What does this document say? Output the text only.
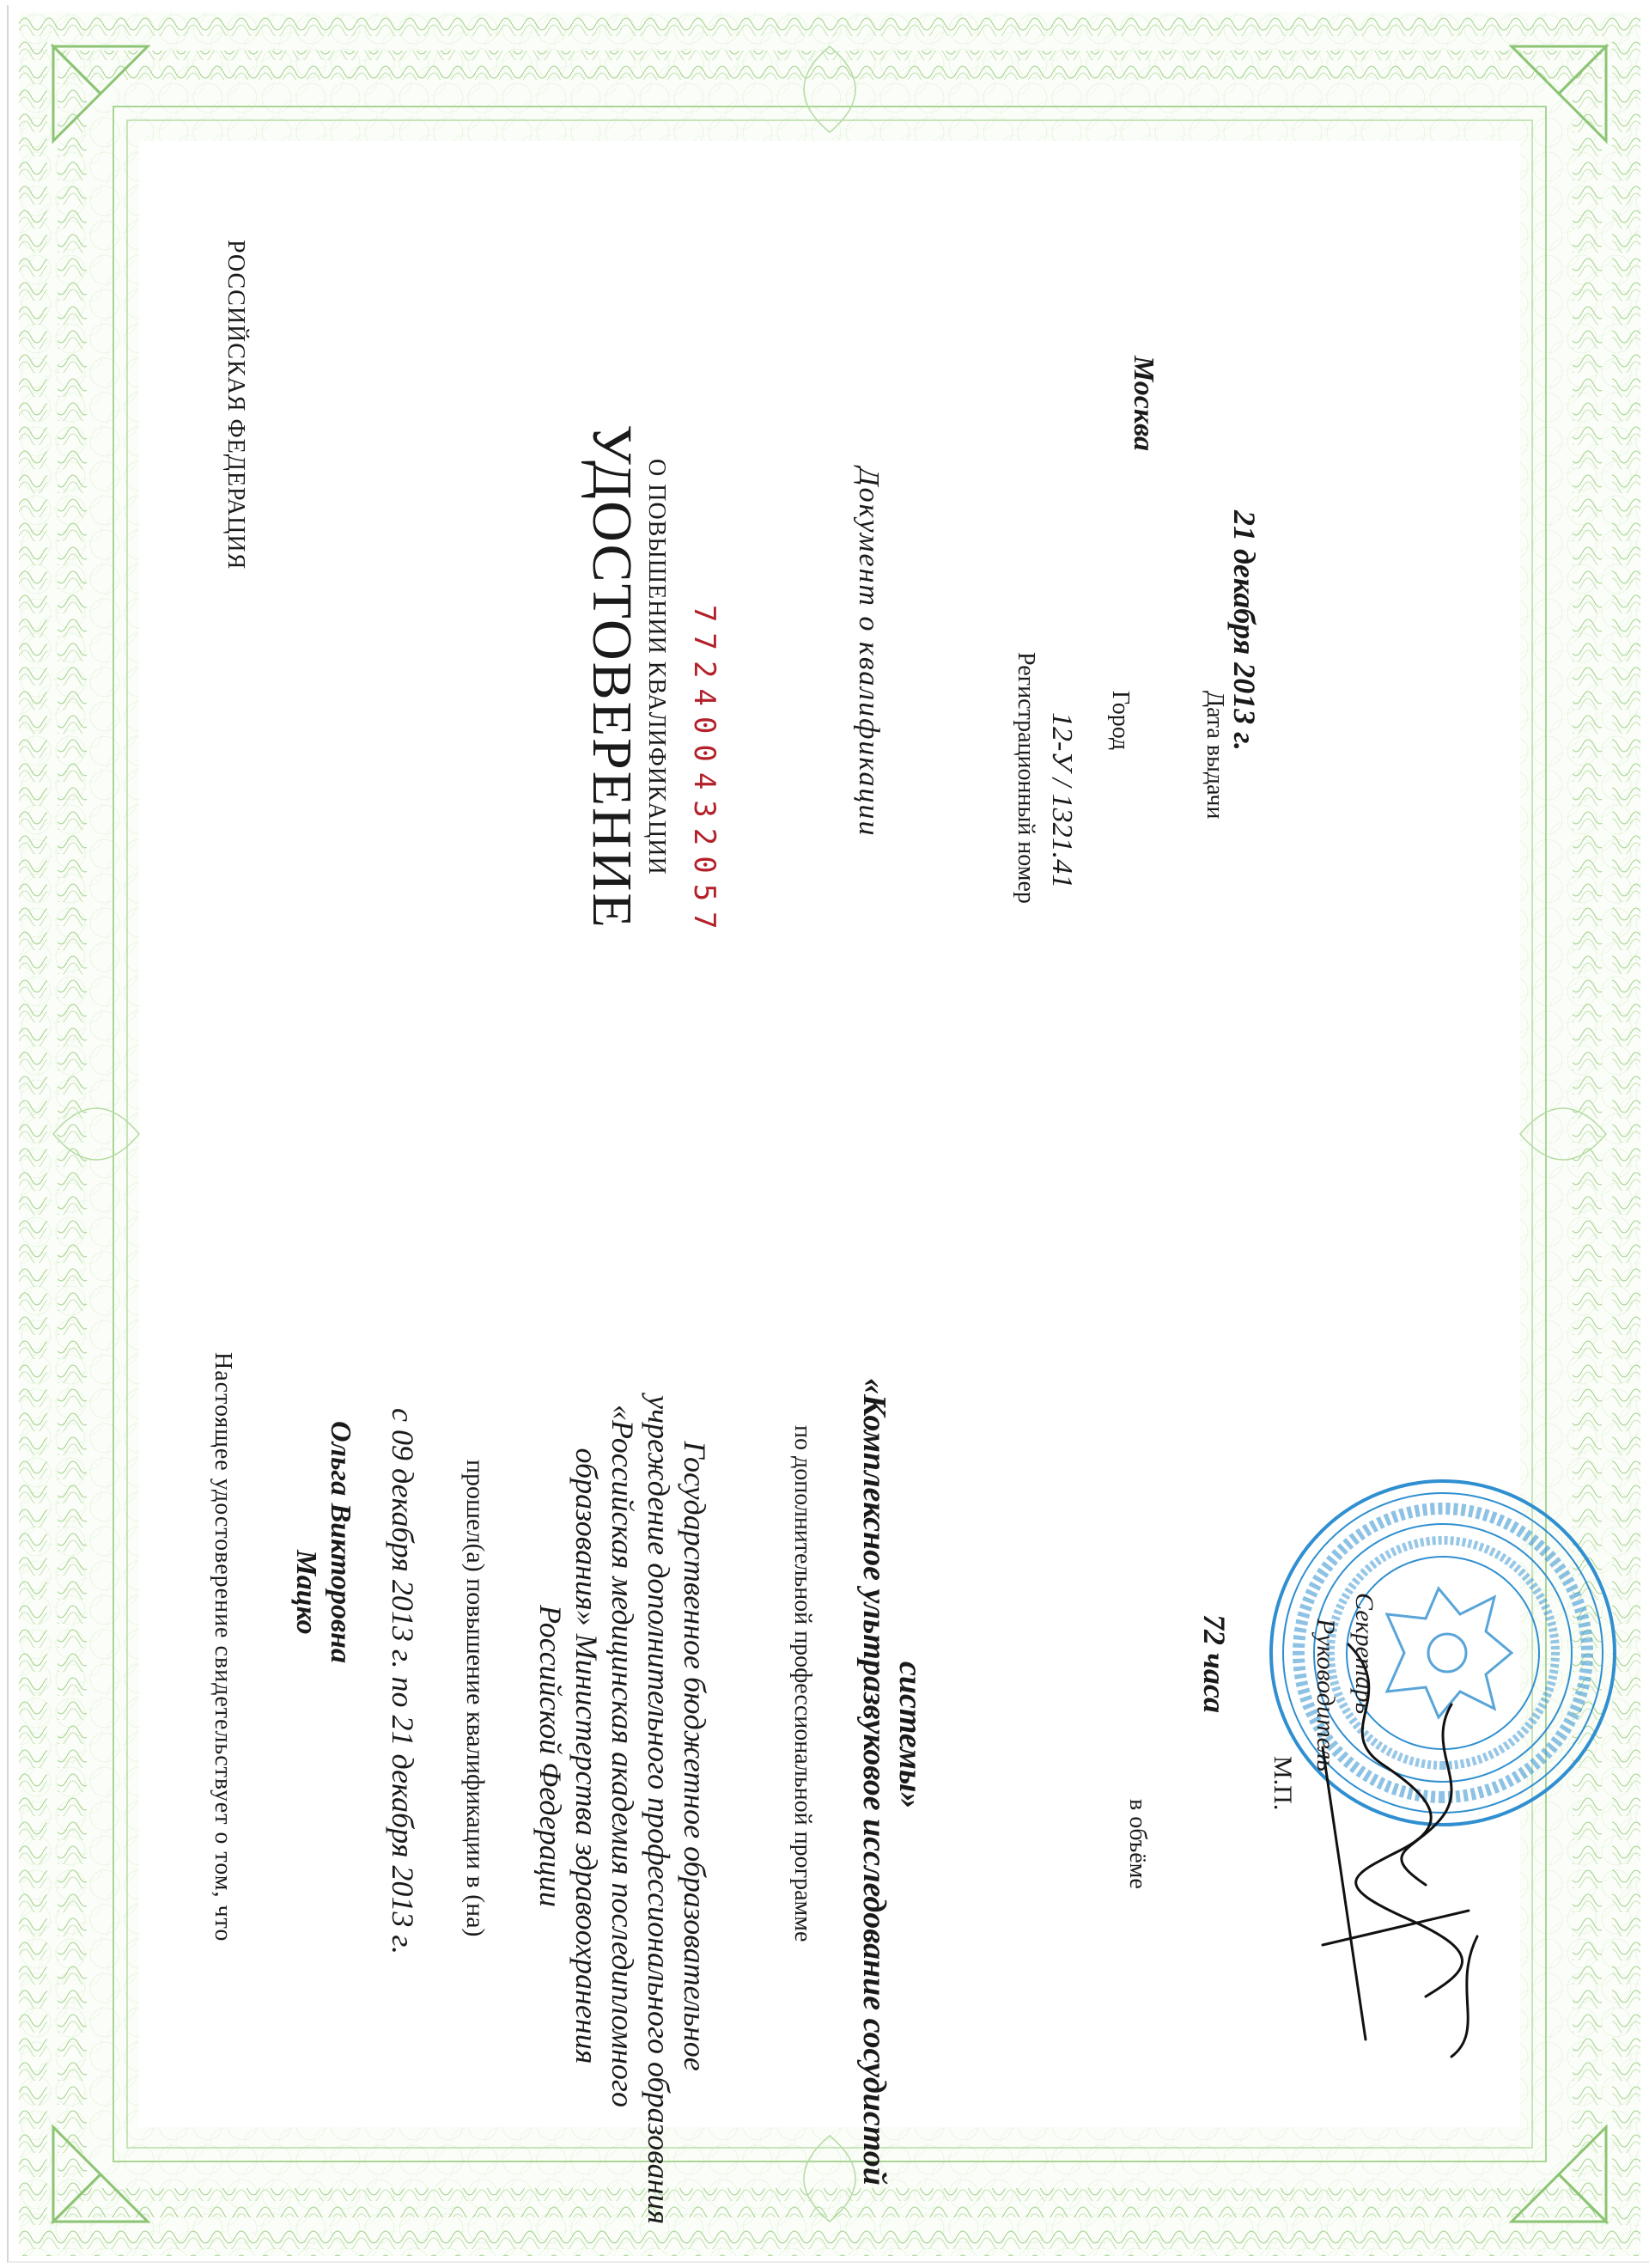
РОССИЙСКАЯ ФЕДЕРАЦИЯ
УДОСТОВЕРЕНИЕ О ПОВЫШЕНИИ КВАЛИФИКАЦИИ 772400432057	Документ о квалификации	Регистрационный номер 12-У / 1321.41 Город
Москва
Дата выдачи
21 декабря 2013 г.
Настоящее удостоверение свидетельствует о том, что Мацко Ольга Викторовна с 09 декабря 2013 г. по 21 декабря 2013 г. прошел(а) повышение квалификации в (на)	Государственное бюджетное образовательное
учреждение дополнительного профессионального образования
«Российская медицинская академия последипломного
образования» Министерства здравоохранения
Российской Федерации	по дополнительной профессиональной программе «Комплексное ультразвуковое исследование сосудистой системы»
в объёме
72 часа	Руководитель Секретарь
М.П.
